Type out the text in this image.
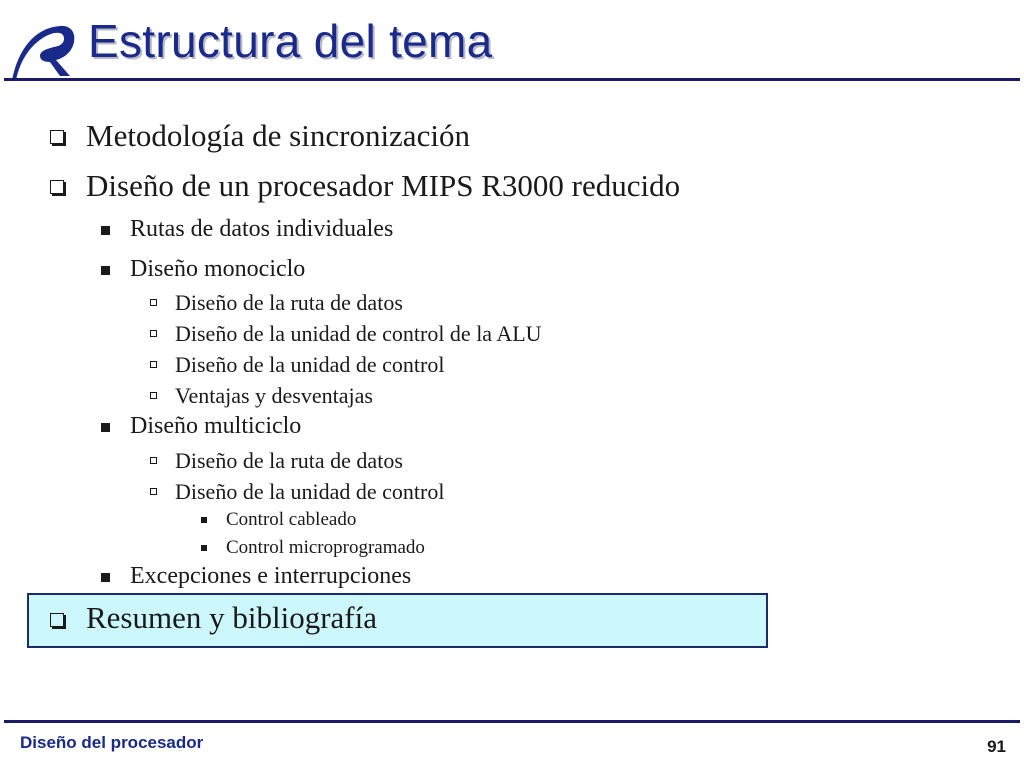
Estructura del tema
Metodología de sincronización
Diseño de un procesador MIPS R3000 reducido
Rutas de datos individuales
Diseño monociclo
Diseño de la ruta de datos
Diseño de la unidad de control de la ALU
Diseño de la unidad de control
Ventajas y desventajas
Diseño multiciclo
Diseño de la ruta de datos
Diseño de la unidad de control
Control cableado
Control microprogramado
Excepciones e interrupciones
Resumen y bibliografía
Diseño del procesador	91
